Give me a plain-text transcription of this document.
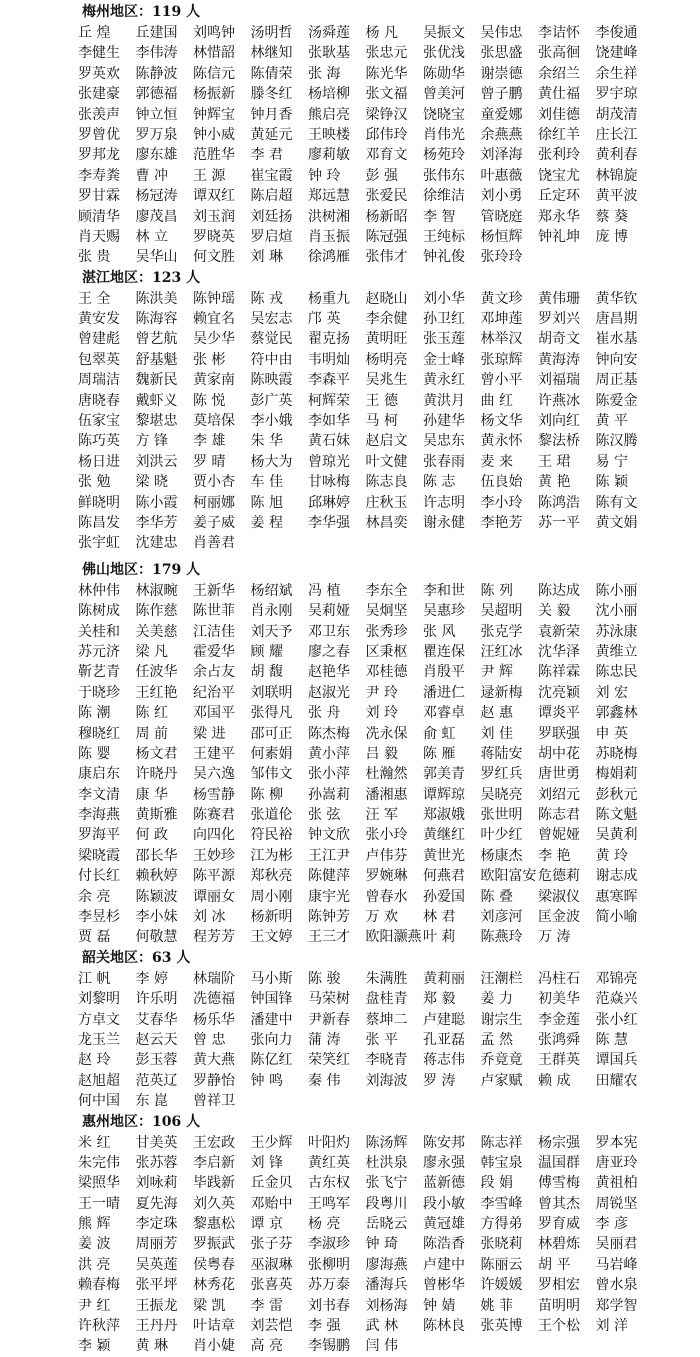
梅州地区：119 人
丘 煌	丘建国	刘鸣钟	汤明哲	汤舜莲	杨 凡	吴振文	吴伟忠	李诘怀	李俊通
李健生	李伟涛	林惜韶	林继知	张耿基	张忠元	张优浅	张思盛	张高徊	饶建峰
罗英欢	陈静波	陈信元	陈倩荣	张 海	陈光华	陈勋华	谢崇德	余绍兰	余生祥
张建豪	郭德福	杨振新	滕冬红	杨培柳	张文福	曾美河	曾子鹏	黄仕福	罗宇琼
张羡声	钟立恒	钟辉宝	钟月香	熊启亮	梁铮汉	饶晓宝	童爱娜	刘佳德	胡茂清
罗曾优	罗万泉	钟小威	黄延元	王映楼	邱伟玲	肖伟光	余燕燕	徐红羊	庄长江
罗邦龙	廖东雄	范胜华	李 君	廖莉敏	邓育文	杨苑玲	刘泽海	张利玲	黄利春
李寿粪	曹 冲	王 源	崔宝霞	钟 玲	彭 强	张伟东	叶惠薇	饶宝尤	林锦旋
罗甘霖	杨冠涛	谭双红	陈启超	郑远慧	张爱民	徐维洁	刘小勇	丘定环	黄平波
顾清华	廖茂昌	刘玉润	刘廷扬	洪树湘	杨新昭	李 智	管晓庭	郑永华	蔡 葵
肖天赐	林 立	罗晓英	罗启煊	肖玉振	陈冠强	王纯标	杨恒辉	钟礼坤	庞 博
张 贵	吴华山	何文胜	刘 琳	徐鸿雁	张伟才	钟礼俊	张玲玲
湛江地区：123 人
王 全	陈洪美	陈钟瑶	陈 戎	杨重九	赵晓山	刘小华	黄文珍	黄伟珊	黄华钦
黄安发	陈海容	赖宜名	吴宏志	邝 英	李余健	孙卫红	邓坤莲	罗刘兴	唐昌期
曾建彪	曾艺航	吴少华	蔡觉民	翟克扬	黄明旺	张玉莲	林举汉	胡奇文	崔水基
包翠英	舒基魁	张 彬	符中由	韦明灿	杨明亮	金士峰	张琼辉	黄海涛	钟向安
周瑞洁	魏新民	黄家南	陈映霞	李森平	吴兆生	黄永红	曾小平	刘福瑞	周正基
唐晓春	戴虾义	陈 悦	彭广英	柯辉荣	王 德	黄洪月	曲 红	许燕冰	陈爱金
伍家宝	黎堪忠	莫培保	李小娥	李如华	马 柯	孙建华	杨文华	刘向红	黄 平
陈巧英	方 锋	李 雄	朱 华	黄石妹	赵启文	吴忠东	黄永怀	黎法桥	陈汉腾
杨日进	刘洪云	罗 晴	杨大为	曾琼光	叶文健	张春雨	麦 来	王 珺	易 宁
张 勉	梁 晓	贾小杏	车 佳	甘咏梅	陈志良	陈 志	伍良始	黄 艳	陈 颖
鲜晓明	陈小霞	柯丽娜	陈 旭	邱琳婷	庄秋玉	许志明	李小玲	陈鸿浩	陈有文
陈昌发	李华芳	姜子威	姜 程	李华强	林昌奕	谢永健	李艳芳	苏一平	黄文娟
张宇虹	沈建忠	肖善君
佛山地区：179 人
林仲伟	林淑畹	王新华	杨绍斌	冯 植	李东全	李和世	陈 列	陈达成	陈小丽
陈树成	陈作慈	陈世菲	肖永刚	吴莉娅	吴炯坚	吴惠珍	吴超明	关 毅	沈小丽
关桂和	关美慈	江洁佳	刘天予	邓卫东	张秀珍	张 风	张克学	袁新荣	苏泳康
苏元济	梁 凡	霍爱华	顾 耀	廖之春	区秉枢	瞿连保	汪红冰	沈华泽	黄维立
靳艺青	任波华	余占友	胡 馥	赵艳华	邓桂德	肖殷平	尹 辉	陈祥霖	陈忠民
于晓珍	王红艳	纪治平	刘联明	赵淑光	尹 玲	潘进仁	逯新梅	沈亮颖	刘 宏
陈 潮	陈 红	邓国平	张得凡	张 舟	刘 玲	邓睿卓	赵 惠	谭炎平	郭鑫林
穆晓红	周 前	梁 进	邵可正	陈杰梅	冼永保	俞 虹	刘 佳	罗联强	申 英
陈 婴	杨文君	王建平	何素娟	黄小萍	吕 毅	陈 雁	蒋陆安	胡中花	苏晓梅
康启东	许晓丹	吴六逸	邹伟文	张小萍	杜瀚然	郭美青	罗红兵	唐世勇	梅娟莉
李文清	康 华	杨雪静	陈 柳	孙嵩莉	潘湘惠	谭辉琼	吴晓亮	刘绍元	彭秋元
李海燕	黄斯雅	陈赛君	张道伦	张 弦	汪 军	郑淑娥	张世明	陈志君	陈文魁
罗海平	何 政	向四化	符民裕	钟文欣	张小玲	黄继红	叶少红	曾妮娅	吴黄利
梁晓霞	邵长华	王妙珍	江为彬	王江尹	卢伟芬	黄世光	杨康杰	李 艳	黄 玲
付长红	赖秋婷	陈平源	郑秋亮	陈健萍	罗婉琳	何燕君	欧阳富安 危德莉	谢志成
余 亮	陈颖波	谭丽女	周小刚	康宇光	曾春水	孙爱国	陈 叠	梁淑仪	惠寒晖
李昱杉	李小妹	刘 冰	杨新明	陈钟芳	万 欢	林 君	刘彦河	匡金波	简小喻
贾 磊	何敬慧	程芳芳	王文婷	王三才	欧阳灏燕 叶 莉	陈燕玲	万 涛
韶关地区：63 人
江 帆	李 婷	林瑞阶	马小斯	陈 骏	朱满胜	黄莉丽	汪潮栏	冯柱石	邓锦亮
刘黎明	许乐明	冼德福	钟国锋	马荣树	盘桂青	郑 毅	姜 力	初美华	范焱兴
方卓文	艾春华	杨乐华	潘建中	尹新春	蔡坤二	卢建聪	谢宗生	李金莲	张小红
龙玉兰	赵云天	曾 忠	张向力	蒲 涛	张 平	孔亚磊	孟 然	张鸿舜	陈 慧
赵 玲	彭玉蓉	黄大燕	陈亿红	荣笑红	李晓青	蒋志伟	乔竟竟	王群英	谭国兵
赵旭超	范英辽	罗静怡	钟 鸣	秦 伟	刘海波	罗 涛	卢家赋	赖 成	田耀农
何中国	东 崑	曾祥卫
惠州地区：106 人
米 红	甘美英	王宏政	王少辉	叶阳灼	陈汤辉	陈安邦	陈志祥	杨宗强	罗本宪
朱完伟	张苏蓉	李启新	刘 锋	黄红英	杜洪泉	廖永强	韩宝泉	温国群	唐亚玲
梁照华	刘咏莉	毕践新	丘金贝	古东权	张飞宁	蓝新德	段 娟	傅雪梅	黄祖柏
王一晴	夏先海	刘久英	邓贻中	王鸣军	段粤川	段小敏	李雪峰	曾其杰	周锐坚
熊 辉	李定珠	黎惠松	谭 京	杨 亮	岳晓云	黄冠雄	方得弟	罗育威	李 彦
姜 波	周丽芳	罗振武	张子芬	李淑珍	钟 琦	陈浩香	张晓莉	林碧炼	吴丽君
洪 亮	吴英莲	侯粤春	巫淑琳	张柳明	廖海燕	卢建中	陈丽云	胡 平	马岩峰
赖春梅	张平坪	林秀花	张喜英	苏万泰	潘海兵	曾彬华	许媛媛	罗相宏	曾水泉
尹 红	王振龙	梁 凯	李 雷	刘书春	刘杨海	钟 婧	姚 菲	苗明明	郑学智
许秋萍	王丹丹	叶诘章	刘芸恺	李 强	武 林	陈林良	张英博	王个松	刘 洋
李 颖	黄 琳	肖小婕	高 亮	李锡鹏	闫 伟
